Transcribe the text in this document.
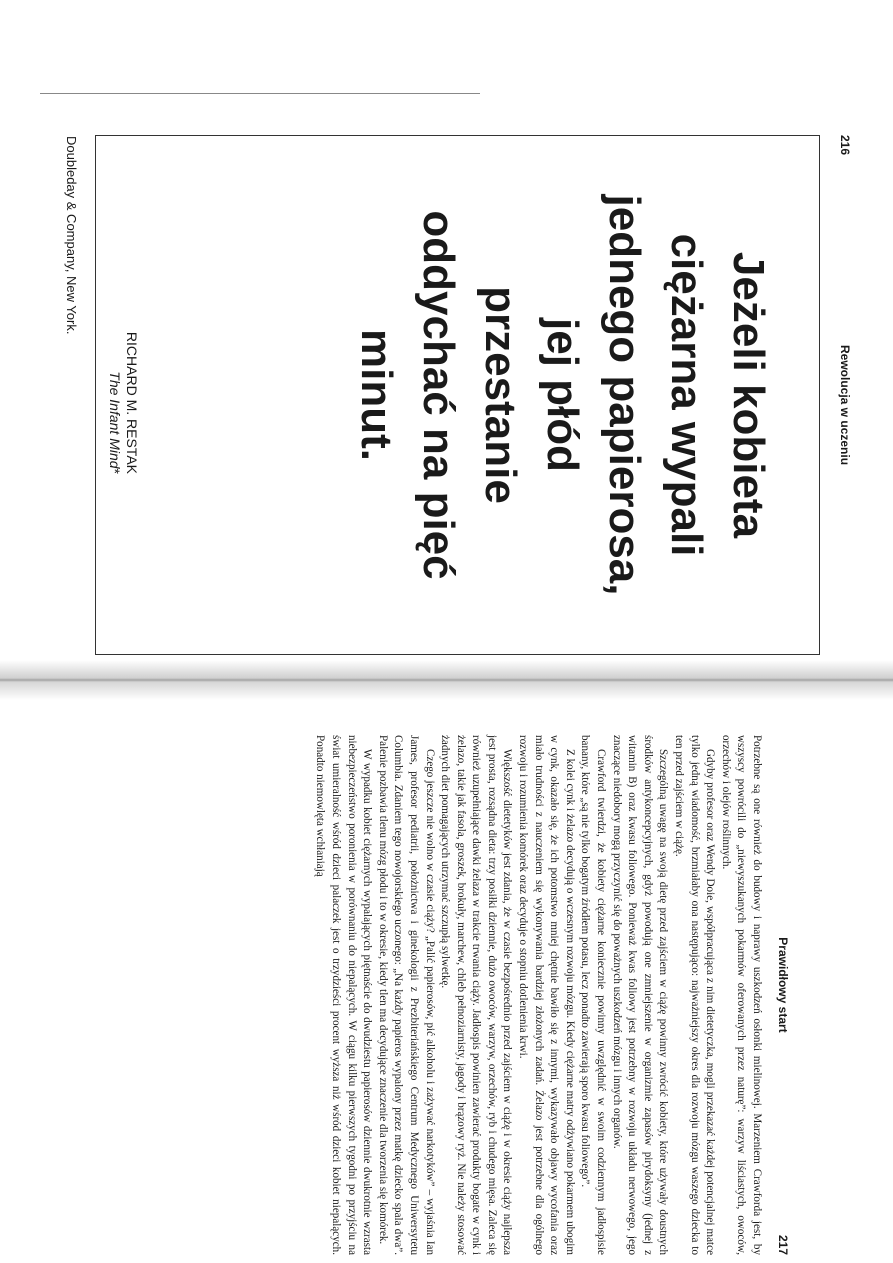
216
Rewolucja w uczeniu
Jeżeli kobieta
ciężarna wypali
jednego papierosa,
jej płód
przestanie
oddychać na pięć
minut.
RICHARD M. RESTAK
The Infant Mind*
Doubleday & Company, New York.
Prawidłowy start
217

Potrzebne są one również do budowy i naprawy uszkodzeń osłonki mielinowej. Marzeniem Crawforda jest, by wszyscy powrócili do „niewyszukanych pokarmów oferowanych przez naturę”: warzyw liściastych, owoców, orzechów i olejów roślinnych.

Gdyby profesor oraz Wendy Doie, współpracująca z nim dietetyczka, mogli przekazać każdej potencjalnej matce tylko jedną wiadomość, brzmiałaby ona następująco: najważniejszy okres dla rozwoju mózgu waszego dziecka to ten przed zajściem w ciążę.

Szczególną uwagę na swoją dietę przed zajściem w ciążę powinny zwrócić kobiety, które używały doustnych środków antykoncepcyjnych, gdyż powodują one zmniejszenie w organizmie zapasów pirydoksyny (jednej z witamin B) oraz kwasu foliowego. Ponieważ kwas foliowy jest potrzebny w rozwoju układu nerwowego, jego znaczące niedobory mogą przyczynić się do poważnych uszkodzeń mózgu i innych organów.

Crawford twierdzi, że kobiety ciężarne koniecznie powinny uwzględnić w swoim codziennym jadłospisie banany, które „są nie tylko bogatym źródłem potasu, lecz ponadto zawierają sporo kwasu foliowego”.

Z kolei cynk i żelazo decydują o wczesnym rozwoju mózgu. Kiedy ciężarne matry odżywiano pokarmem ubogim w cynk, okazało się, że ich potomstwo mniej chętnie bawiło się z innymi, wykazywało objawy wycofania oraz miało trudności z nauczeniem się wykonywania bardziej złożonych zadań. Żelazo jest potrzebne dla ogólnego rozwoju i rozumienia komórek oraz decyduje o stopniu dotlenienia krwi.

Większość dietetyków jest zdania, że w czasie bezpośrednio przed zajściem w ciążę i w okresie ciąży najlepsza jest prosta, rozsądna dieta: trzy posiłki dziennie, dużo owoców, warzyw, orzechów, ryb i chudego mięsa. Zaleca się również uzupełniające dawki żelaza w trakcie trwania ciąży. Jadłospis powinien zawierać produkty bogate w cynk i żelazo, takie jak fasola, groszek, brokuły, marchew, chleb pełnoziarnisty, jagody i brązowy ryż. Nie należy stosować żadnych diet pomagających utrzymać szczupłą sylwetkę.

Czego jeszcze nie wolno w czasie ciąży? „Palić papierosów, pić alkoholu i zażywać narkotyków” – wyjaśnia Ian James, profesor pediatrii, położnictwa i ginekologii z Prezbiteriańskiego Centrum Medycznego Uniwersytetu Columbia. Zdaniem tego nowojorskiego uczonego: „Na każdy papieros wypalony przez matkę dziecko spala dwa”. Palenie pozbawia tlenu mózg płodu i to w okresie, kiedy tlen ma decydujące znaczenie dla tworzenia się komórek.

W wypadku kobiet ciężarnych wypalających piętnaście do dwudziestu papierosów dziennie dwukrotnie wzrasta niebezpieczeństwo poronienia w porównaniu do niepalących. W ciągu kilku pierwszych tygodni po przyjściu na świat umieralność wśród dzieci palaczek jest o trzydzieści procent wyższa niż wśród dzieci kobiet niepalących. Ponadto niemowlęta wchłaniają
